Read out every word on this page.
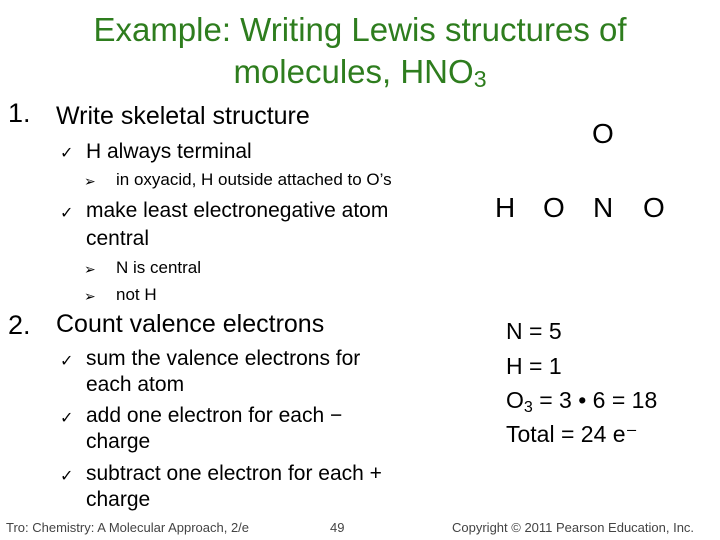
Example: Writing Lewis structures of
molecules, $HNO_3$
1. Write skeletal structure
✓ H always terminal
➢ in oxyacid, H outside attached to O’s
✓ make least electronegative atom
central
➢ N is central
➢ not H
2. Count valence electrons
✓ sum the valence electrons for
each atom
✓ add one electron for each −
charge
✓ subtract one electron for each +
charge
O
H O N O
N = 5
H = 1
$O_3 = 3$ • 6 = 18
Total = 24 e⁻
Tro: Chemistry: A Molecular Approach, 2/e	49	Copyright © 2011 Pearson Education, Inc.
